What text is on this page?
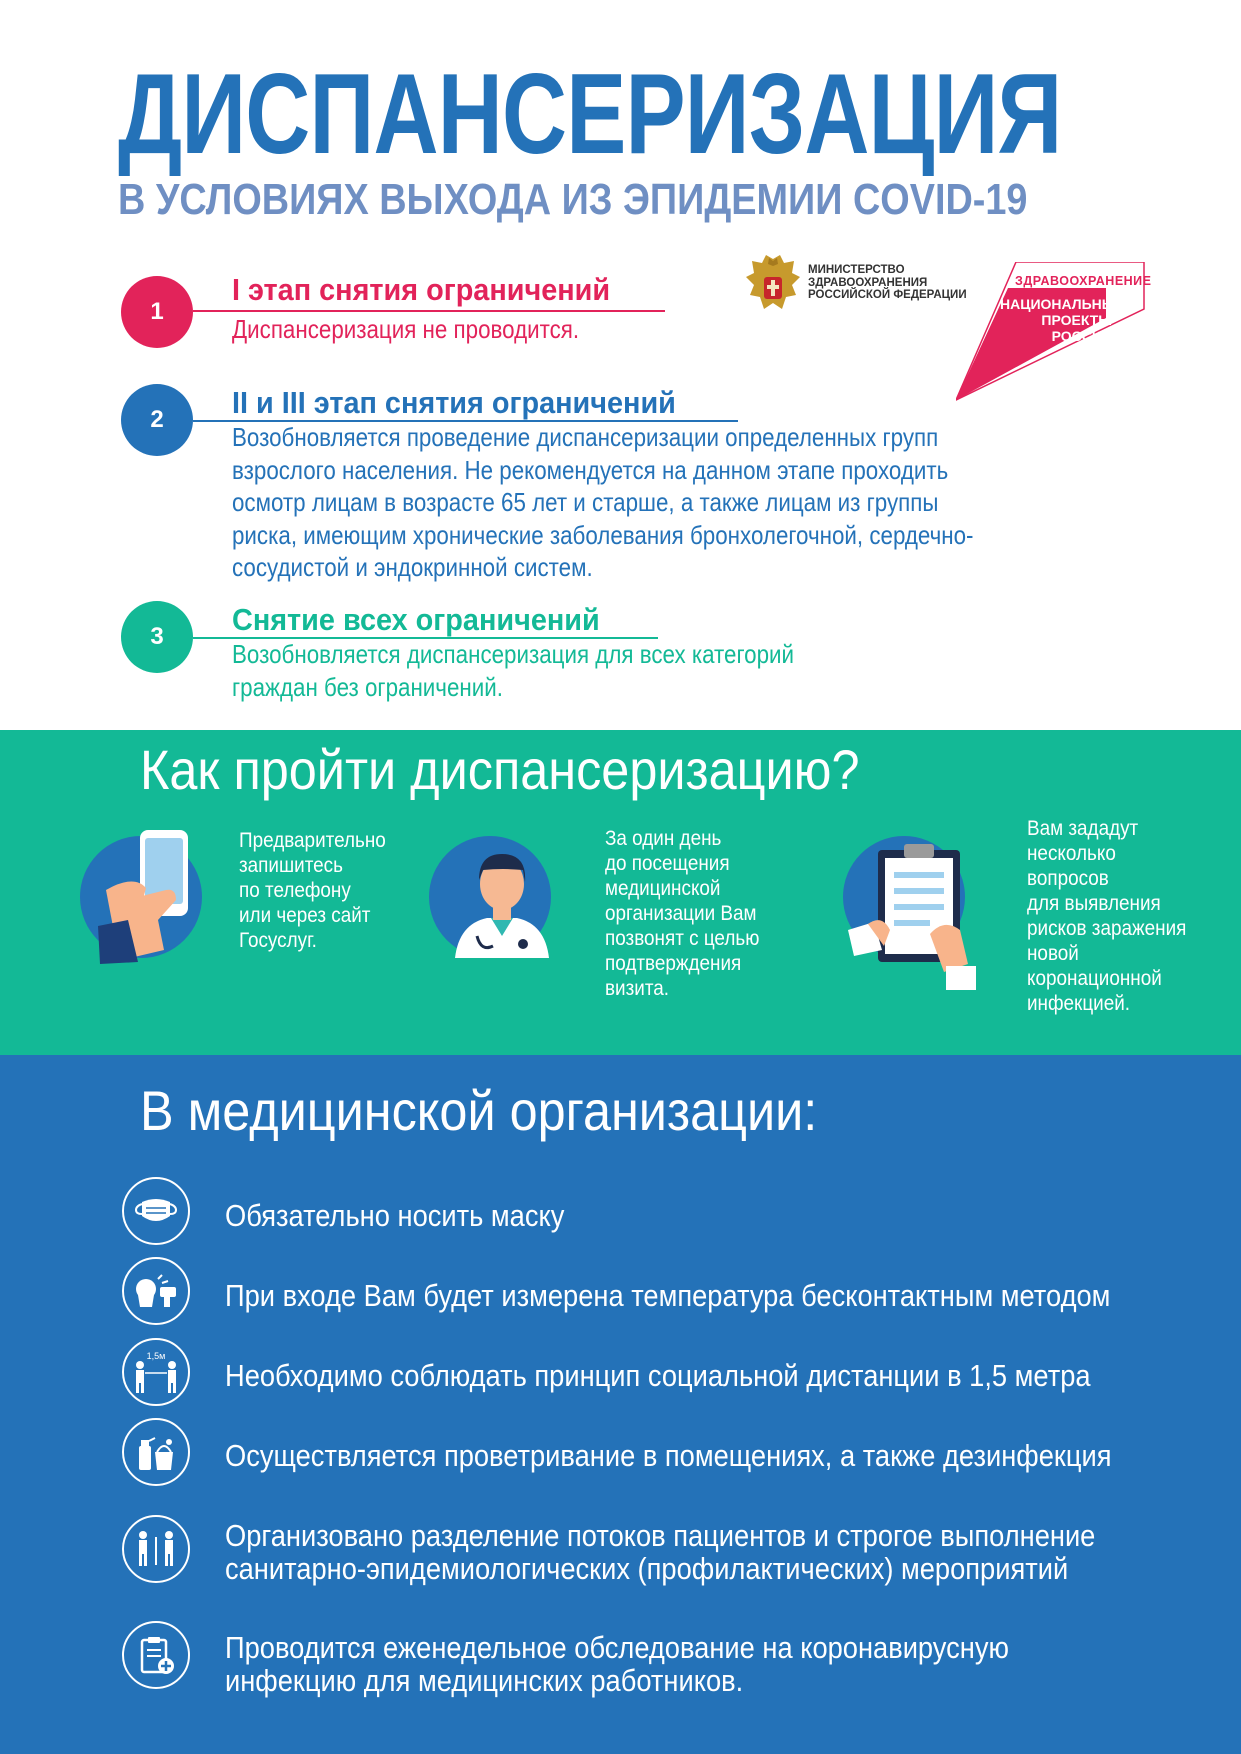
ДИСПАНСЕРИЗАЦИЯ
В УСЛОВИЯХ ВЫХОДА ИЗ ЭПИДЕМИИ COVID-19
МИНИСТЕРСТВО
ЗДРАВООХРАНЕНИЯ
РОССИЙСКОЙ ФЕДЕРАЦИИ
ЗДРАВООХРАНЕНИЕ
НАЦИОНАЛЬНЫЕ
ПРОЕКТЫ
РОССИИ
1
I этап снятия ограничений
Диспансеризация не проводится.
2	II и III этап снятия ограничений
Возобновляется проведение диспансеризации определенных групп
взрослого населения. Не рекомендуется на данном этапе проходить
осмотр лицам в возрасте 65 лет и старше, а также лицам из группы
риска, имеющим хронические заболевания бронхолегочной, сердечно-
сосудистой и эндокринной систем.
3	Снятие всех ограничений
Возобновляется диспансеризация для всех категорий
граждан без ограничений.
Как пройти диспансеризацию?
Предварительно
запишитесь
по телефону
или через сайт
Госуслуг.
За один день
до посещения
медицинской
организации Вам
позвонят с целью
подтверждения
визита.
Вам зададут
несколько
вопросов
для выявления
рисков заражения
новой
коронационной
инфекцией.
В медицинской организации:
Обязательно носить маску
При входе Вам будет измерена температура бесконтактным методом
1,5м
Необходимо соблюдать принцип социальной дистанции в 1,5 метра
Осуществляется проветривание в помещениях, а также дезинфекция
Организовано разделение потоков пациентов и строгое выполнение
санитарно-эпидемиологических (профилактических) мероприятий
Проводится еженедельное обследование на коронавирусную
инфекцию для медицинских работников.
